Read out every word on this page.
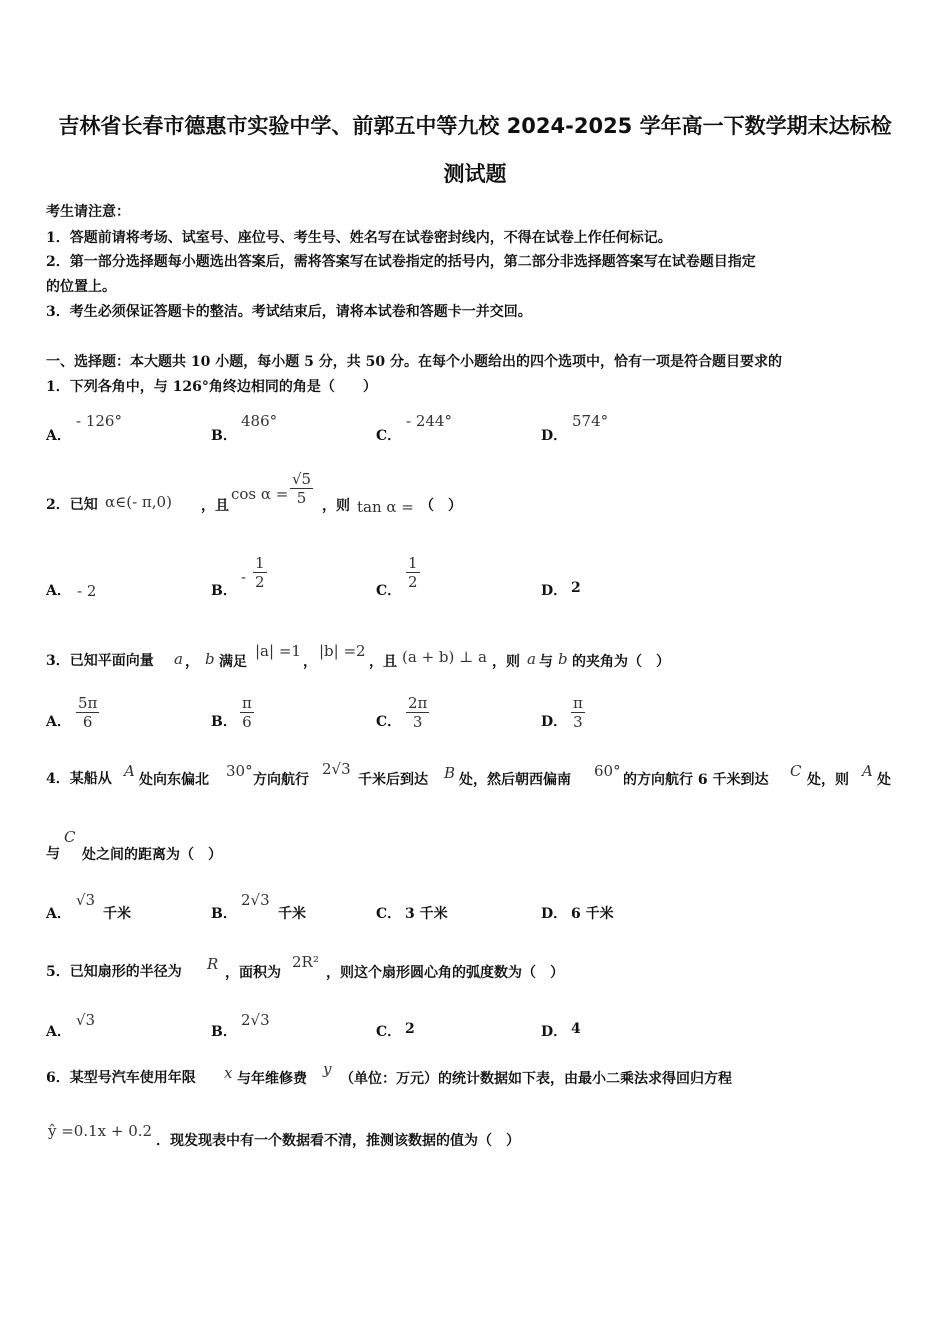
吉林省长春市德惠市实验中学、前郭五中等九校 2024-2025 学年高一下数学期末达标检
测试题
考生请注意：
1．答题前请将考场、试室号、座位号、考生号、姓名写在试卷密封线内，不得在试卷上作任何标记。
2．第一部分选择题每小题选出答案后，需将答案写在试卷指定的括号内，第二部分非选择题答案写在试卷题目指定
的位置上。
3．考生必须保证答题卡的整洁。考试结束后，请将本试卷和答题卡一并交回。
一、选择题：本大题共 10 小题，每小题 5 分，共 50 分。在每个小题给出的四个选项中，恰有一项是符合题目要求的
1．下列各角中，与 126°角终边相同的角是（　　）
A．
- 126°
B．
486°
C．
- 244°
D．
574°
2．已知 α∈(- π,0) ，且
cos α =
√5
5	，则 tan α = （　）
A． - 2	B．
-
1
2	C．
1
2	D． 2
3．已知平面向量 a ， b 满足
|a| =1
，
|b| =2
，且 (a + b) ⊥ a ，则 a 与 b 的夹角为（　）
A．
5π
6	B．
π
6	C．
2π
3	D．
π
3
4．某船从 A 处向东偏北 30° 方向航行
2√3
千米后到达 B 处，然后朝西偏南 60° 的方向航行 6 千米到达 C 处，则 A 处
与
C
处之间的距离为（　）
A．
√3
千米	B．
2√3
千米	C． 3 千米	D． 6 千米
5．已知扇形的半径为 R ，面积为
2R²
，则这个扇形圆心角的弧度数为（　）
A．
√3
B．
2√3
C． 2	D． 4
6．某型号汽车使用年限 x 与年维修费
y
（单位：万元）的统计数据如下表，由最小二乘法求得回归方程
ŷ =0.1x + 0.2
．现发现表中有一个数据看不清，推测该数据的值为（　）
